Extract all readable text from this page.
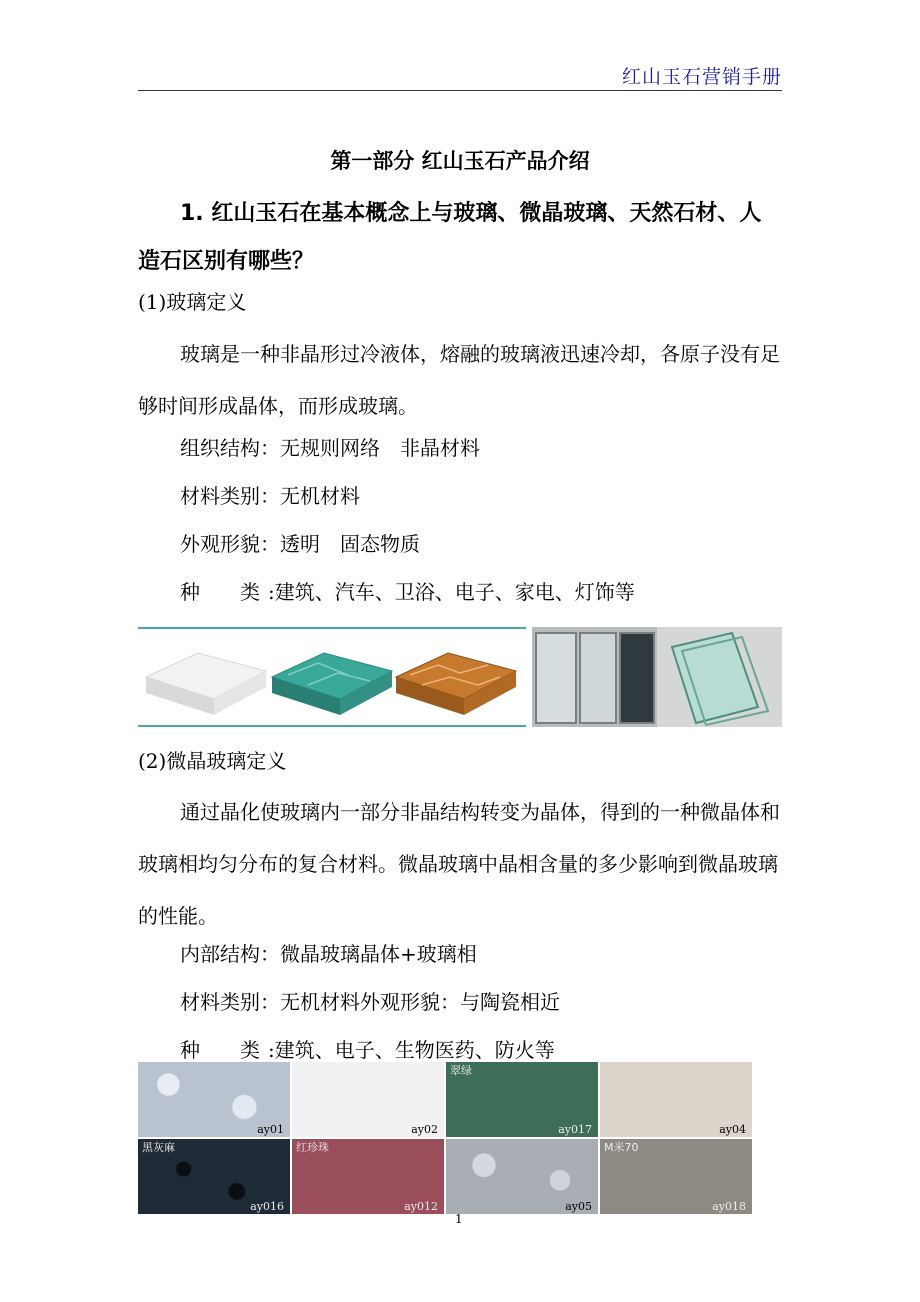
红山玉石营销手册
第一部分 红山玉石产品介绍
1. 红山玉石在基本概念上与玻璃、微晶玻璃、天然石材、人造石区别有哪些？
(1)玻璃定义
玻璃是一种非晶形过冷液体，熔融的玻璃液迅速冷却，各原子没有足够时间形成晶体，而形成玻璃。
组织结构：无规则网络　非晶材料
材料类别：无机材料
外观形貌：透明　固态物质
种　　类 :建筑、汽车、卫浴、电子、家电、灯饰等
(2)微晶玻璃定义
通过晶化使玻璃内一部分非晶结构转变为晶体，得到的一种微晶体和玻璃相均匀分布的复合材料。微晶玻璃中晶相含量的多少影响到微晶玻璃的性能。
内部结构：微晶玻璃晶体+玻璃相
材料类别：无机材料外观形貌：与陶瓷相近
种　　类 :建筑、电子、生物医药、防火等
ay01	ay02
翠绿
ay017	ay04
黑灰麻
ay016
红珍珠
ay012	ay05
M米70
ay018
1
